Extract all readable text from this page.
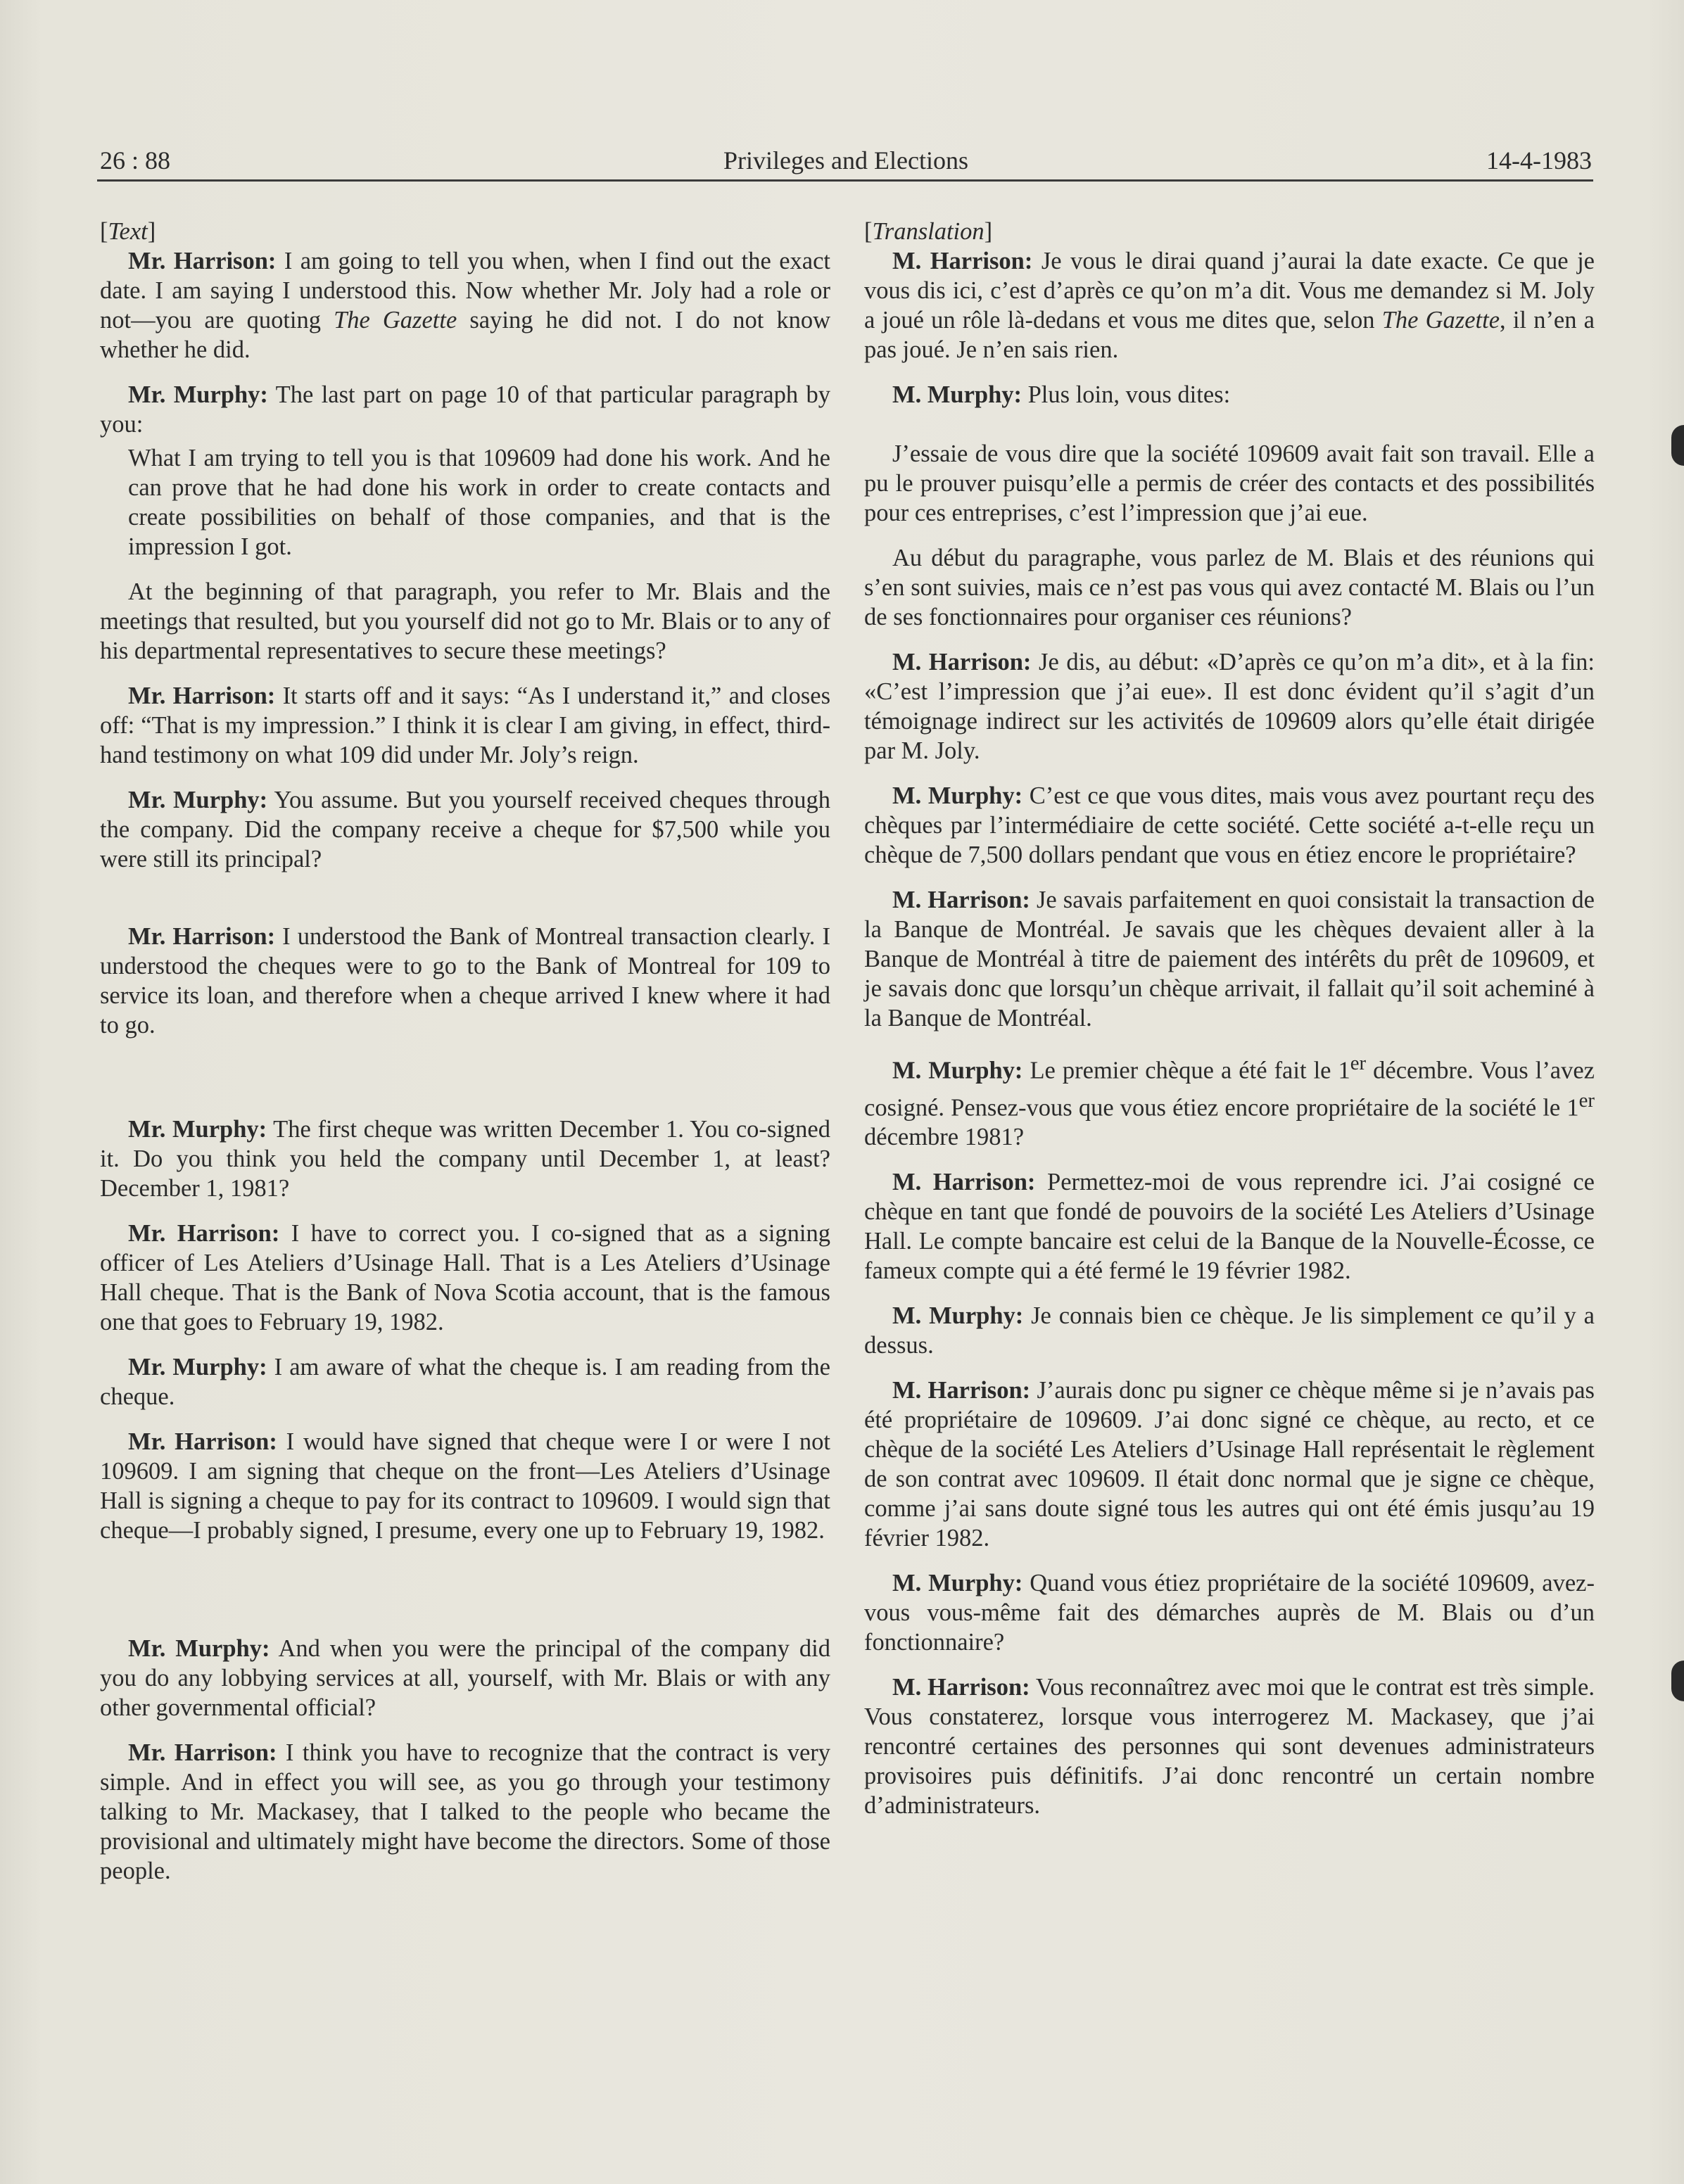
26 : 88	Privileges and Elections	14-4-1983
[Text]

Mr. Harrison: I am going to tell you when, when I find out the exact date. I am saying I understood this. Now whether Mr. Joly had a role or not—you are quoting The Gazette saying he did not. I do not know whether he did.

Mr. Murphy: The last part on page 10 of that particular paragraph by you:

What I am trying to tell you is that 109609 had done his work. And he can prove that he had done his work in order to create contacts and create possibilities on behalf of those companies, and that is the impression I got.

At the beginning of that paragraph, you refer to Mr. Blais and the meetings that resulted, but you yourself did not go to Mr. Blais or to any of his departmental representatives to secure these meetings?

Mr. Harrison: It starts off and it says: “As I understand it,” and closes off: “That is my impression.” I think it is clear I am giving, in effect, third-hand testimony on what 109 did under Mr. Joly’s reign.

Mr. Murphy: You assume. But you yourself received cheques through the company. Did the company receive a cheque for $7,500 while you were still its principal?

Mr. Harrison: I understood the Bank of Montreal transaction clearly. I understood the cheques were to go to the Bank of Montreal for 109 to service its loan, and therefore when a cheque arrived I knew where it had to go.

Mr. Murphy: The first cheque was written December 1. You co-signed it. Do you think you held the company until December 1, at least? December 1, 1981?

Mr. Harrison: I have to correct you. I co-signed that as a signing officer of Les Ateliers d’Usinage Hall. That is a Les Ateliers d’Usinage Hall cheque. That is the Bank of Nova Scotia account, that is the famous one that goes to February 19, 1982.

Mr. Murphy: I am aware of what the cheque is. I am reading from the cheque.

Mr. Harrison: I would have signed that cheque were I or were I not 109609. I am signing that cheque on the front—Les Ateliers d’Usinage Hall is signing a cheque to pay for its contract to 109609. I would sign that cheque—I probably signed, I presume, every one up to February 19, 1982.

Mr. Murphy: And when you were the principal of the company did you do any lobbying services at all, yourself, with Mr. Blais or with any other governmental official?

Mr. Harrison: I think you have to recognize that the contract is very simple. And in effect you will see, as you go through your testimony talking to Mr. Mackasey, that I talked to the people who became the provisional and ultimately might have become the directors. Some of those people.

[Translation]

M. Harrison: Je vous le dirai quand j’aurai la date exacte. Ce que je vous dis ici, c’est d’après ce qu’on m’a dit. Vous me demandez si M. Joly a joué un rôle là-dedans et vous me dites que, selon The Gazette, il n’en a pas joué. Je n’en sais rien.

M. Murphy: Plus loin, vous dites:

J’essaie de vous dire que la société 109609 avait fait son travail. Elle a pu le prouver puisqu’elle a permis de créer des contacts et des possibilités pour ces entreprises, c’est l’impression que j’ai eue.

Au début du paragraphe, vous parlez de M. Blais et des réunions qui s’en sont suivies, mais ce n’est pas vous qui avez contacté M. Blais ou l’un de ses fonctionnaires pour organiser ces réunions?

M. Harrison: Je dis, au début: «D’après ce qu’on m’a dit», et à la fin: «C’est l’impression que j’ai eue». Il est donc évident qu’il s’agit d’un témoignage indirect sur les activités de 109609 alors qu’elle était dirigée par M. Joly.

M. Murphy: C’est ce que vous dites, mais vous avez pourtant reçu des chèques par l’intermédiaire de cette société. Cette société a-t-elle reçu un chèque de 7,500 dollars pendant que vous en étiez encore le propriétaire?

M. Harrison: Je savais parfaitement en quoi consistait la transaction de la Banque de Montréal. Je savais que les chèques devaient aller à la Banque de Montréal à titre de paiement des intérêts du prêt de 109609, et je savais donc que lorsqu’un chèque arrivait, il fallait qu’il soit acheminé à la Banque de Montréal.

M. Murphy: Le premier chèque a été fait le 1er décembre. Vous l’avez cosigné. Pensez-vous que vous étiez encore propriétaire de la société le 1er décembre 1981?

M. Harrison: Permettez-moi de vous reprendre ici. J’ai cosigné ce chèque en tant que fondé de pouvoirs de la société Les Ateliers d’Usinage Hall. Le compte bancaire est celui de la Banque de la Nouvelle-Écosse, ce fameux compte qui a été fermé le 19 février 1982.

M. Murphy: Je connais bien ce chèque. Je lis simplement ce qu’il y a dessus.

M. Harrison: J’aurais donc pu signer ce chèque même si je n’avais pas été propriétaire de 109609. J’ai donc signé ce chèque, au recto, et ce chèque de la société Les Ateliers d’Usinage Hall représentait le règlement de son contrat avec 109609. Il était donc normal que je signe ce chèque, comme j’ai sans doute signé tous les autres qui ont été émis jusqu’au 19 février 1982.

M. Murphy: Quand vous étiez propriétaire de la société 109609, avez-vous vous-même fait des démarches auprès de M. Blais ou d’un fonctionnaire?

M. Harrison: Vous reconnaîtrez avec moi que le contrat est très simple. Vous constaterez, lorsque vous interrogerez M. Mackasey, que j’ai rencontré certaines des personnes qui sont devenues administrateurs provisoires puis définitifs. J’ai donc rencontré un certain nombre d’administrateurs.
